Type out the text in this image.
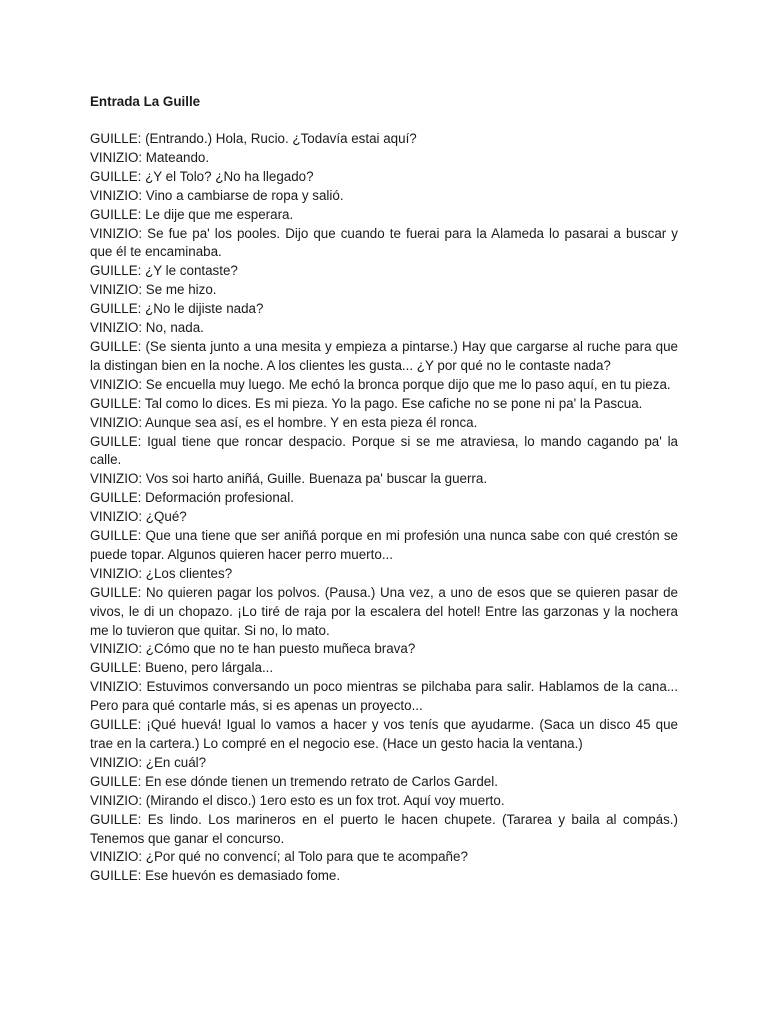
Entrada La Guille

GUILLE: (Entrando.) Hola, Rucio. ¿Todavía estai aquí?

VINIZIO: Mateando.

GUILLE: ¿Y el Tolo? ¿No ha llegado?

VINIZIO: Vino a cambiarse de ropa y salió.

GUILLE: Le dije que me esperara.

VINIZIO: Se fue pa' los pooles. Dijo que cuando te fuerai para la Alameda lo pasarai a buscar y que él te encaminaba.

GUILLE: ¿Y le contaste?

VINIZIO: Se me hizo.

GUILLE: ¿No le dijiste nada?

VINIZIO: No, nada.

GUILLE: (Se sienta junto a una mesita y empieza a pintarse.) Hay que cargarse al ruche para que la distingan bien en la noche. A los clientes les gusta... ¿Y por qué no le contaste nada?

VINIZIO: Se encuella muy luego. Me echó la bronca porque dijo que me lo paso aquí, en tu pieza.

GUILLE: Tal como lo dices. Es mi pieza. Yo la pago. Ese cafiche no se pone ni pa' la Pascua.

VINIZIO: Aunque sea así, es el hombre. Y en esta pieza él ronca.

GUILLE: Igual tiene que roncar despacio. Porque si se me atraviesa, lo mando cagando pa' la calle.

VINIZIO: Vos soi harto aniñá, Guille. Buenaza pa' buscar la guerra.

GUILLE: Deformación profesional.

VINIZIO: ¿Qué?

GUILLE: Que una tiene que ser aniñá porque en mi profesión una nunca sabe con qué crestón se puede topar. Algunos quieren hacer perro muerto...

VINIZIO: ¿Los clientes?

GUILLE: No quieren pagar los polvos. (Pausa.) Una vez, a uno de esos que se quieren pasar de vivos, le di un chopazo. ¡Lo tiré de raja por la escalera del hotel! Entre las garzonas y la nochera me lo tuvieron que quitar. Si no, lo mato.

VINIZIO: ¿Cómo que no te han puesto muñeca brava?

GUILLE: Bueno, pero lárgala...

VINIZIO: Estuvimos conversando un poco mientras se pilchaba para salir. Hablamos de la cana... Pero para qué contarle más, si es apenas un proyecto...

GUILLE: ¡Qué huevá! Igual lo vamos a hacer y vos tenís que ayudarme. (Saca un disco 45 que trae en la cartera.) Lo compré en el negocio ese. (Hace un gesto hacia la ventana.)

VINIZIO: ¿En cuál?

GUILLE: En ese dónde tienen un tremendo retrato de Carlos Gardel.

VINIZIO: (Mirando el disco.) 1ero esto es un fox trot. Aquí voy muerto.

GUILLE: Es lindo. Los marineros en el puerto le hacen chupete. (Tararea y baila al compás.) Tenemos que ganar el concurso.

VINIZIO: ¿Por qué no convencí; al Tolo para que te acompañe?

GUILLE: Ese huevón es demasiado fome.
